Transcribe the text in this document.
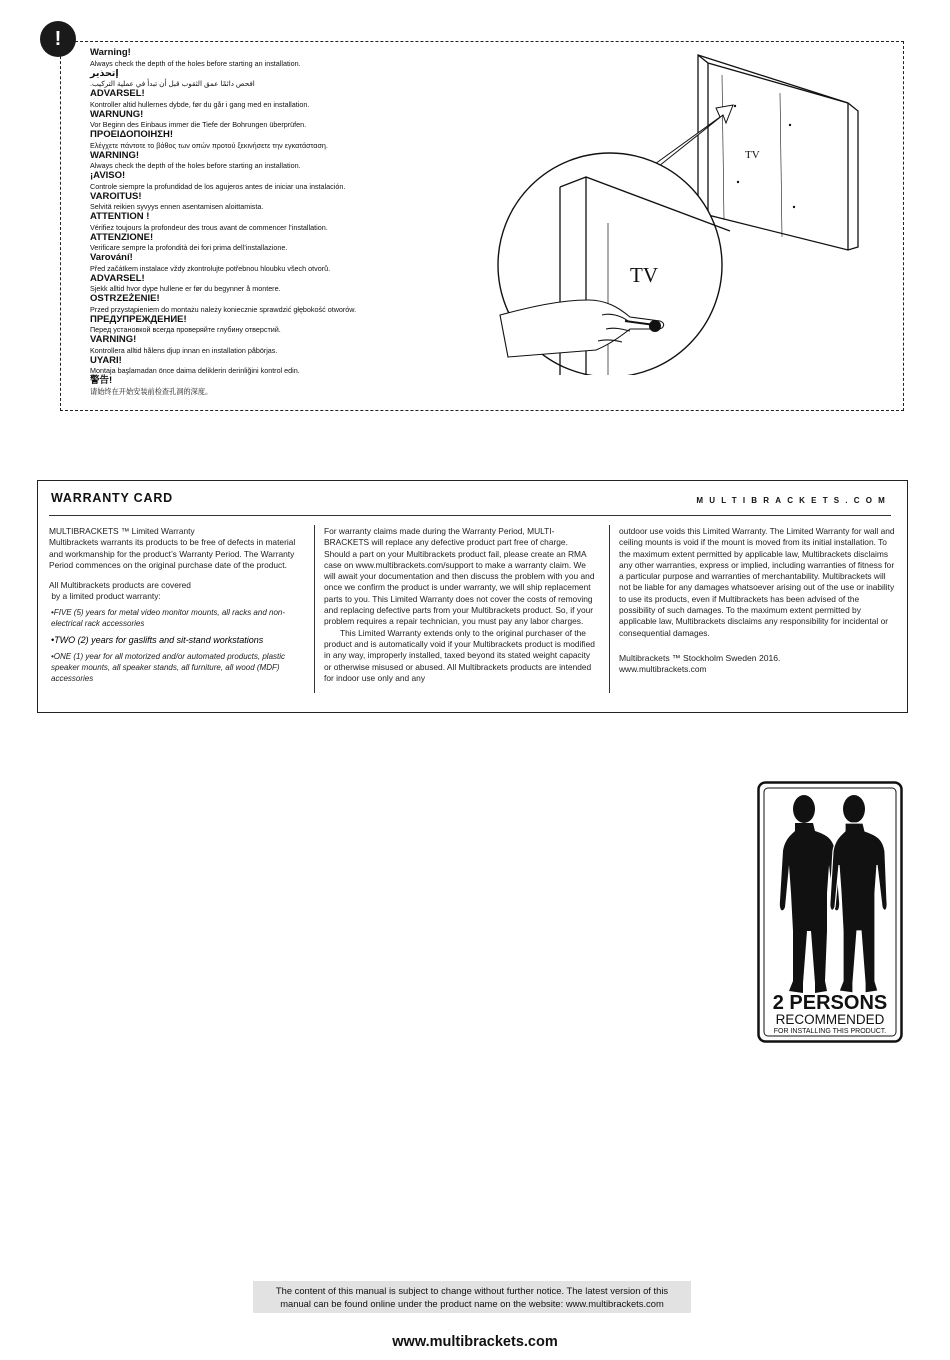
!
Warning!
Always check the depth of the holes before starting an installation.
إتحذير
افحص دائمًا عمق الثقوب قبل أن تبدأ في عملية التركيب.
ADVARSEL!
Kontroller altid hullernes dybde, før du går i gang med en installation.
WARNUNG!
Vor Beginn des Einbaus immer die Tiefe der Bohrungen überprüfen.
ΠΡΟΕΙΔΟΠΟΙΗΣΗ!
Ελέγχετε πάντοτε το βάθος των οπών προτού ξεκινήσετε την εγκατάσταση.
WARNING!
Always check the depth of the holes before starting an installation.
¡AVISO!
Controle siempre la profundidad de los agujeros antes de iniciar una instalación.
VAROITUS!
Selvitä reikien syvyys ennen asentamisen aloittamista.
ATTENTION !
Vérifiez toujours la profondeur des trous avant de commencer l’installation.
ATTENZIONE!
Verificare sempre la profondità dei fori prima dell’installazione.
Varování!
Před začátkem instalace vždy zkontrolujte potřebnou hloubku všech otvorů.
ADVARSEL!
Sjekk alltid hvor dype hullene er før du begynner å montere.
OSTRZEŻENIE!
Przed przystąpieniem do montażu należy koniecznie sprawdzić głębokość otworów.
ПРЕДУПРЕЖДЕНИЕ!
Перед установкой всегда проверяйте глубину отверстий.
VARNING!
Kontrollera alltid hålens djup innan en installation påbörjas.
UYARI!
Montaja başlamadan önce daima deliklerin derinliğini kontrol edin.
警告!
请始终在开始安装前检查孔洞的深度。
TV
TV
WARRANTY CARD	MULTIBRACKETS.COM

MULTIBRACKETS ™ Limited Warranty

Multibrackets warrants its products to be free of defects in material and workmanship for the product’s Warranty Period. The Warranty Period commences on the original purchase date of the product.

All Multibrackets products are covered

by a limited product warranty:

•FIVE (5) years for metal video monitor mounts, all racks and non-electrical rack accessories

•TWO (2) years for gaslifts and sit-stand workstations

•ONE (1) year for all motorized and/or automated products, plastic speaker mounts, all speaker stands, all furniture, all wood (MDF) accessories

For warranty claims made during the Warranty Period, MULTI-BRACKETS will replace any defective product part free of charge. Should a part on your Multibrackets product fail, please create an RMA case on www.multibrackets.com/support to make a warranty claim. We will await your documentation and then discuss the problem with you and once we confirm the product is under warranty, we will ship replacement parts to you. This Limited Warranty does not cover the costs of removing and replacing defective parts from your Multibrackets product. So, if your problem requires a repair technician, you must pay any labor charges.

This Limited Warranty extends only to the original purchaser of the product and is automatically void if your Multibrackets product is modified in any way, improperly installed, taxed beyond its stated weight capacity or otherwise misused or abused. All Multibrackets products are intended for indoor use only and any

outdoor use voids this Limited Warranty. The Limited Warranty for wall and ceiling mounts is void if the mount is moved from its initial installation. To the maximum extent permitted by applicable law, Multibrackets disclaims any other warranties, express or implied, including warranties of fitness for a particular purpose and warranties of merchantability. Multibrackets will not be liable for any damages whatsoever arising out of the use or inability to use its products, even if Multibrackets has been advised of the possibility of such damages. To the maximum extent permitted by applicable law, Multibrackets disclaims any responsibility for incidental or consequential damages.

Multibrackets ™ Stockholm Sweden 2016.

www.multibrackets.com

2 PERSONS
RECOMMENDED
FOR INSTALLING THIS PRODUCT.
The content of this manual is subject to change without further notice. The latest version of this
manual can be found online under the product name on the website: www.multibrackets.com
www.multibrackets.com
